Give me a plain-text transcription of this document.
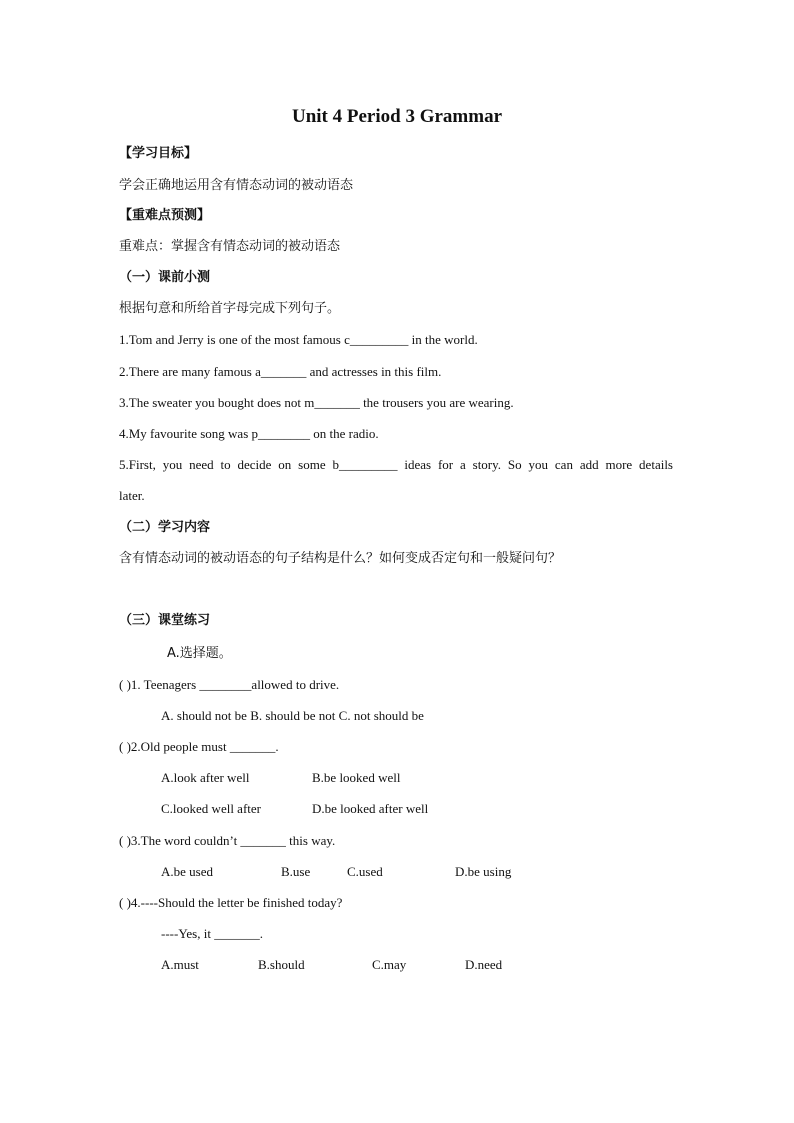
Unit 4 Period 3 Grammar
【学习目标】
学会正确地运用含有情态动词的被动语态
【重难点预测】
重难点：掌握含有情态动词的被动语态
（一）课前小测
根据句意和所给首字母完成下列句子。
1.Tom and Jerry is one of the most famous c_________ in the world.
2.There are many famous a_______ and actresses in this film.
3.The sweater you bought does not m_______ the trousers you are wearing.
4.My favourite song was p________ on the radio.
5.First, you need to decide on some b_________ ideas for a story. So you can add more details
later.
（二）学习内容
含有情态动词的被动语态的句子结构是什么？如何变成否定句和一般疑问句？
（三）课堂练习
A.选择题。
( )1. Teenagers ________allowed to drive.
A. should not be B. should be not C. not should be
( )2.Old people must _______.
A.look after well	B.be looked well
C.looked well after	D.be looked after well
( )3.The word couldn’t _______ this way.
A.be used	B.use	C.used	D.be using
( )4.----Should the letter be finished today?
----Yes, it _______.
A.must	B.should	C.may	D.need
